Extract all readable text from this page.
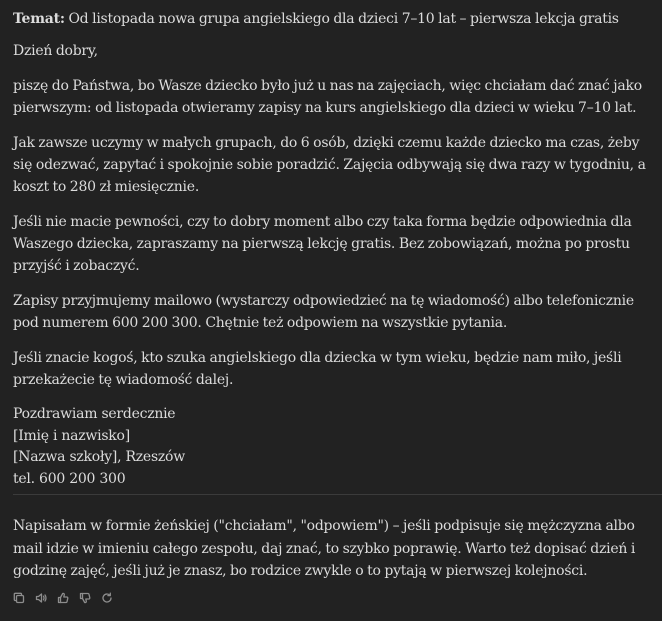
Temat: Od listopada nowa grupa angielskiego dla dzieci 7–10 lat – pierwsza lekcja gratis

Dzień dobry,

piszę do Państwa, bo Wasze dziecko było już u nas na zajęciach, więc chciałam dać znać jako pierwszym: od listopada otwieramy zapisy na kurs angielskiego dla dzieci w wieku 7–10 lat.

Jak zawsze uczymy w małych grupach, do 6 osób, dzięki czemu każde dziecko ma czas, żeby się odezwać, zapytać i spokojnie sobie poradzić. Zajęcia odbywają się dwa razy w tygodniu, a koszt to 280 zł miesięcznie.

Jeśli nie macie pewności, czy to dobry moment albo czy taka forma będzie odpowiednia dla Waszego dziecka, zapraszamy na pierwszą lekcję gratis. Bez zobowiązań, można po prostu przyjść i zobaczyć.

Zapisy przyjmujemy mailowo (wystarczy odpowiedzieć na tę wiadomość) albo telefonicznie pod numerem 600 200 300. Chętnie też odpowiem na wszystkie pytania.

Jeśli znacie kogoś, kto szuka angielskiego dla dziecka w tym wieku, będzie nam miło, jeśli przekażecie tę wiadomość dalej.

Pozdrawiam serdecznie
[Imię i nazwisko]
[Nazwa szkoły], Rzeszów
tel. 600 200 300

Napisałam w formie żeńskiej ("chciałam", "odpowiem") – jeśli podpisuje się mężczyzna albo mail idzie w imieniu całego zespołu, daj znać, to szybko poprawię. Warto też dopisać dzień i godzinę zajęć, jeśli już je znasz, bo rodzice zwykle o to pytają w pierwszej kolejności.
